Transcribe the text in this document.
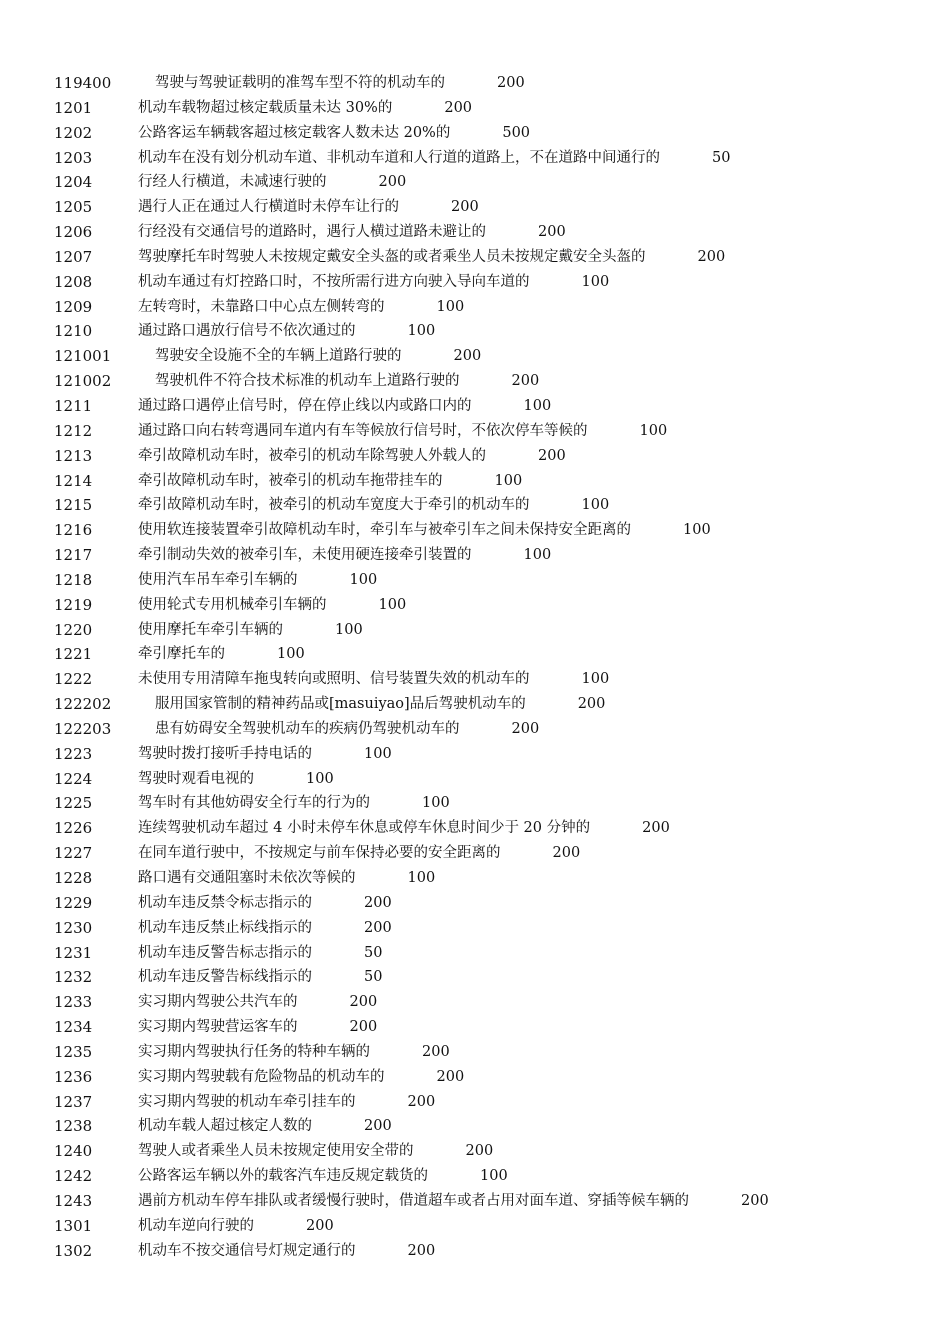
119400	驾驶与驾驶证载明的准驾车型不符的机动车的	200
1201	机动车载物超过核定载质量未达 30%的	200
1202	公路客运车辆载客超过核定载客人数未达 20%的	500
1203	机动车在没有划分机动车道、非机动车道和人行道的道路上，不在道路中间通行的	50
1204	行经人行横道，未减速行驶的	200
1205	遇行人正在通过人行横道时未停车让行的	200
1206	行经没有交通信号的道路时，遇行人横过道路未避让的	200
1207	驾驶摩托车时驾驶人未按规定戴安全头盔的或者乘坐人员未按规定戴安全头盔的	200
1208	机动车通过有灯控路口时，不按所需行进方向驶入导向车道的	100
1209	左转弯时，未靠路口中心点左侧转弯的	100
1210	通过路口遇放行信号不依次通过的	100
121001	驾驶安全设施不全的车辆上道路行驶的	200
121002	驾驶机件不符合技术标准的机动车上道路行驶的	200
1211	通过路口遇停止信号时，停在停止线以内或路口内的	100
1212	通过路口向右转弯遇同车道内有车等候放行信号时，不依次停车等候的	100
1213	牵引故障机动车时，被牵引的机动车除驾驶人外载人的	200
1214	牵引故障机动车时，被牵引的机动车拖带挂车的	100
1215	牵引故障机动车时，被牵引的机动车宽度大于牵引的机动车的	100
1216	使用软连接装置牵引故障机动车时，牵引车与被牵引车之间未保持安全距离的	100
1217	牵引制动失效的被牵引车，未使用硬连接牵引装置的	100
1218	使用汽车吊车牵引车辆的	100
1219	使用轮式专用机械牵引车辆的	100
1220	使用摩托车牵引车辆的	100
1221	牵引摩托车的	100
1222	未使用专用清障车拖曳转向或照明、信号装置失效的机动车的	100
122202	服用国家管制的精神药品或[masuiyao]品后驾驶机动车的	200
122203	患有妨碍安全驾驶机动车的疾病仍驾驶机动车的	200
1223	驾驶时拨打接听手持电话的	100
1224	驾驶时观看电视的	100
1225	驾车时有其他妨碍安全行车的行为的	100
1226	连续驾驶机动车超过 4 小时未停车休息或停车休息时间少于 20 分钟的	200
1227	在同车道行驶中，不按规定与前车保持必要的安全距离的	200
1228	路口遇有交通阻塞时未依次等候的	100
1229	机动车违反禁令标志指示的	200
1230	机动车违反禁止标线指示的	200
1231	机动车违反警告标志指示的	50
1232	机动车违反警告标线指示的	50
1233	实习期内驾驶公共汽车的	200
1234	实习期内驾驶营运客车的	200
1235	实习期内驾驶执行任务的特种车辆的	200
1236	实习期内驾驶载有危险物品的机动车的	200
1237	实习期内驾驶的机动车牵引挂车的	200
1238	机动车载人超过核定人数的	200
1240	驾驶人或者乘坐人员未按规定使用安全带的	200
1242	公路客运车辆以外的载客汽车违反规定载货的	100
1243	遇前方机动车停车排队或者缓慢行驶时，借道超车或者占用对面车道、穿插等候车辆的	200
1301	机动车逆向行驶的	200
1302	机动车不按交通信号灯规定通行的	200
